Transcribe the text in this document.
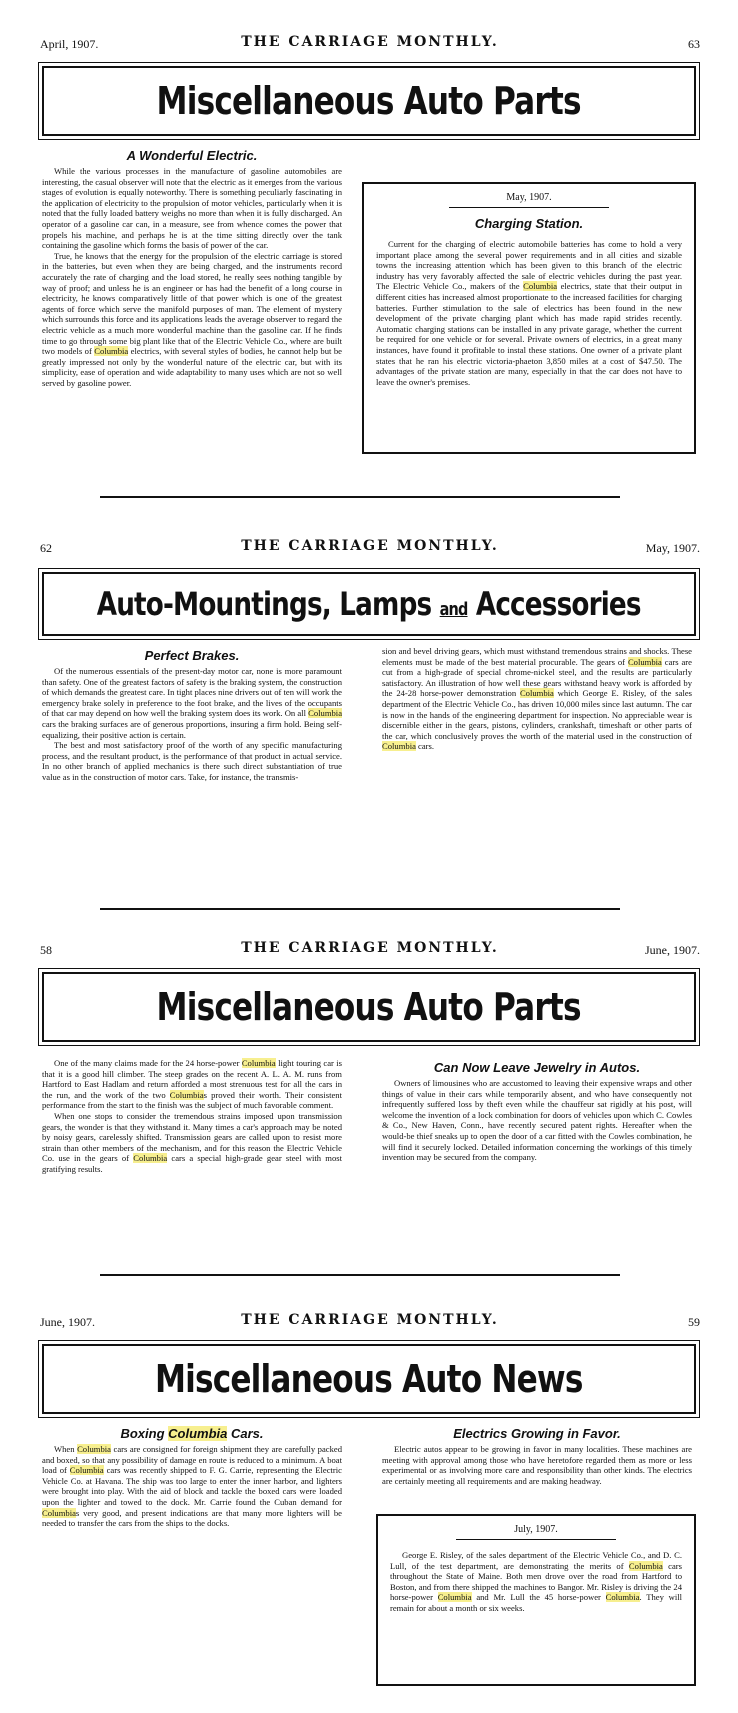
April, 1907.	THE CARRIAGE MONTHLY.	63
Miscellaneous Auto Parts
A Wonderful Electric.

While the various processes in the manufacture of gasoline automobiles are interesting, the casual observer will note that the electric as it emerges from the various stages of evolution is equally noteworthy. There is something peculiarly fascinating in the application of electricity to the propulsion of motor vehicles, particularly when it is noted that the fully loaded battery weighs no more than when it is fully discharged. An operator of a gasoline car can, in a measure, see from whence comes the power that propels his machine, and perhaps he is at the time sitting directly over the tank containing the gasoline which forms the basis of power of the car.

True, he knows that the energy for the propulsion of the electric carriage is stored in the batteries, but even when they are being charged, and the instruments record accurately the rate of charging and the load stored, he really sees nothing tangible by way of proof; and unless he is an engineer or has had the benefit of a long course in electricity, he knows comparatively little of that power which is one of the greatest agents of force which serve the manifold purposes of man. The element of mystery which surrounds this force and its applications leads the average observer to regard the electric vehicle as a much more wonderful machine than the gasoline car. If he finds time to go through some big plant like that of the Electric Vehicle Co., where are built two models of Columbia electrics, with several styles of bodies, he cannot help but be greatly impressed not only by the wonderful nature of the electric car, but with its simplicity, ease of operation and wide adaptability to many uses which are not so well served by gasoline power.

May, 1907.
Charging Station.

Current for the charging of electric automobile batteries has come to hold a very important place among the several power requirements and in all cities and sizable towns the increasing attention which has been given to this branch of the electric industry has very favorably affected the sale of electric vehicles during the past year. The Electric Vehicle Co., makers of the Columbia electrics, state that their output in different cities has increased almost proportionate to the increased facilities for charging batteries. Further stimulation to the sale of electrics has been found in the new development of the private charging plant which has made rapid strides recently. Automatic charging stations can be installed in any private garage, whether the current be required for one vehicle or for several. Private owners of electrics, in a great many instances, have found it profitable to instal these stations. One owner of a private plant states that he ran his electric victoria-phaeton 3,850 miles at a cost of $47.50. The advantages of the private station are many, especially in that the car does not have to leave the owner's premises.

62	THE CARRIAGE MONTHLY.	May, 1907.
Auto-Mountings, Lamps and Accessories
Perfect Brakes.

Of the numerous essentials of the present-day motor car, none is more paramount than safety. One of the greatest factors of safety is the braking system, the construction of which demands the greatest care. In tight places nine drivers out of ten will work the emergency brake solely in preference to the foot brake, and the lives of the occupants of that car may depend on how well the braking system does its work. On all Columbia cars the braking surfaces are of generous proportions, insuring a firm hold. Being self-equalizing, their positive action is certain.

The best and most satisfactory proof of the worth of any specific manufacturing process, and the resultant product, is the performance of that product in actual service. In no other branch of applied mechanics is there such direct substantiation of true value as in the construction of motor cars. Take, for instance, the transmis-

sion and bevel driving gears, which must withstand tremendous strains and shocks. These elements must be made of the best material procurable. The gears of Columbia cars are cut from a high-grade of special chrome-nickel steel, and the results are particularly satisfactory. An illustration of how well these gears withstand heavy work is afforded by the 24-28 horse-power demonstration Columbia which George E. Risley, of the sales department of the Electric Vehicle Co., has driven 10,000 miles since last autumn. The car is now in the hands of the engineering department for inspection. No appreciable wear is discernible either in the gears, pistons, cylinders, crankshaft, timeshaft or other parts of the car, which conclusively proves the worth of the material used in the construction of Columbia cars.

58	THE CARRIAGE MONTHLY.	June, 1907.
Miscellaneous Auto Parts

One of the many claims made for the 24 horse-power Columbia light touring car is that it is a good hill climber. The steep grades on the recent A. L. A. M. runs from Hartford to East Hadlam and return afforded a most strenuous test for all the cars in the run, and the work of the two Columbias proved their worth. Their consistent performance from the start to the finish was the subject of much favorable comment.

When one stops to consider the tremendous strains imposed upon transmission gears, the wonder is that they withstand it. Many times a car's approach may be noted by noisy gears, carelessly shifted. Transmission gears are called upon to resist more strain than other members of the mechanism, and for this reason the Electric Vehicle Co. use in the gears of Columbia cars a special high-grade gear steel with most gratifying results.

Can Now Leave Jewelry in Autos.

Owners of limousines who are accustomed to leaving their expensive wraps and other things of value in their cars while temporarily absent, and who have consequently not infrequently suffered loss by theft even while the chauffeur sat rigidly at his post, will welcome the invention of a lock combination for doors of vehicles upon which C. Cowles & Co., New Haven, Conn., have recently secured patent rights. Hereafter when the would-be thief sneaks up to open the door of a car fitted with the Cowles combination, he will find it securely locked. Detailed information concerning the workings of this timely invention may be secured from the company.

June, 1907.	THE CARRIAGE MONTHLY.	59
Miscellaneous Auto News
Boxing Columbia Cars.

When Columbia cars are consigned for foreign shipment they are carefully packed and boxed, so that any possibility of damage en route is reduced to a minimum. A boat load of Columbia cars was recently shipped to F. G. Carrie, representing the Electric Vehicle Co. at Havana. The ship was too large to enter the inner harbor, and lighters were brought into play. With the aid of block and tackle the boxed cars were loaded upon the lighter and towed to the dock. Mr. Carrie found the Cuban demand for Columbias very good, and present indications are that many more lighters will be needed to transfer the cars from the ships to the docks.

Electrics Growing in Favor.

Electric autos appear to be growing in favor in many localities. These machines are meeting with approval among those who have heretofore regarded them as more or less experimental or as involving more care and responsibility than other kinds. The electrics are certainly meeting all requirements and are making headway.

July, 1907.

George E. Risley, of the sales department of the Electric Vehicle Co., and D. C. Lull, of the test department, are demonstrating the merits of Columbia cars throughout the State of Maine. Both men drove over the road from Hartford to Boston, and from there shipped the machines to Bangor. Mr. Risley is driving the 24 horse-power Columbia and Mr. Lull the 45 horse-power Columbia. They will remain for about a month or six weeks.
